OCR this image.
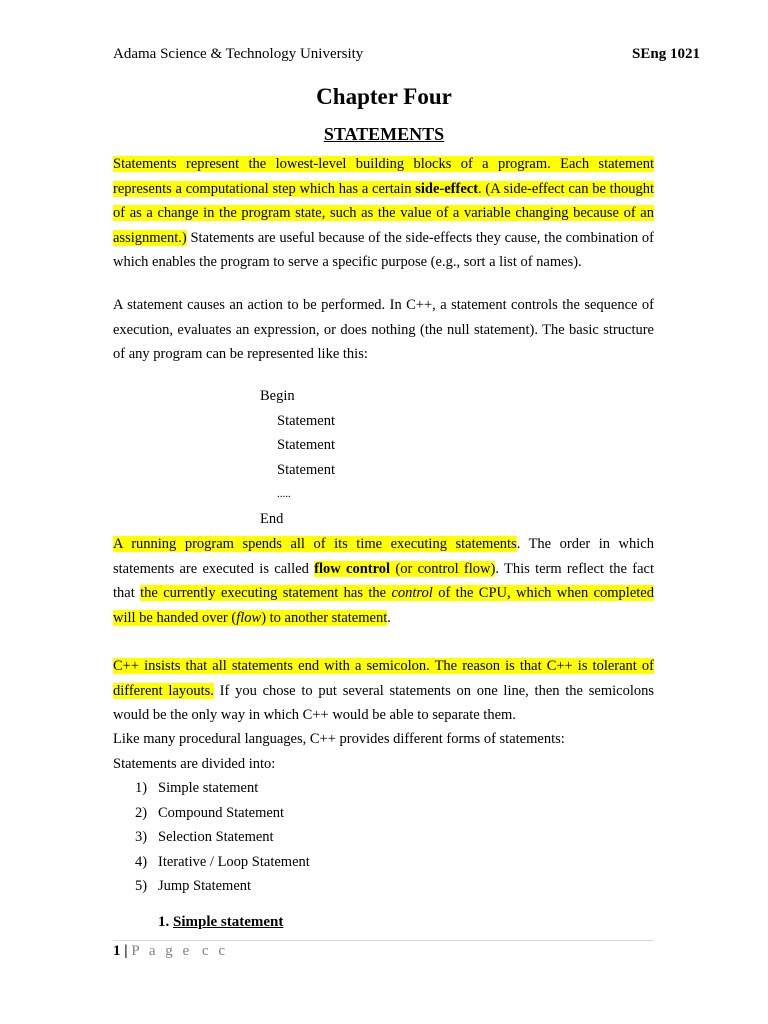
Adama Science & Technology University	SEng 1021
Chapter Four
STATEMENTS
Statements represent the lowest-level building blocks of a program. Each statement represents a computational step which has a certain side-effect. (A side-effect can be thought of as a change in the program state, such as the value of a variable changing because of an assignment.) Statements are useful because of the side-effects they cause, the combination of which enables the program to serve a specific purpose (e.g., sort a list of names).
A statement causes an action to be performed. In C++, a statement controls the sequence of execution, evaluates an expression, or does nothing (the null statement). The basic structure of any program can be represented like this:
Begin
Statement
Statement
Statement
.....
End
A running program spends all of its time executing statements. The order in which statements are executed is called flow control (or control flow). This term reflect the fact that the currently executing statement has the control of the CPU, which when completed will be handed over (flow) to another statement.
C++ insists that all statements end with a semicolon. The reason is that C++ is tolerant of different layouts. If you chose to put several statements on one line, then the semicolons would be the only way in which C++ would be able to separate them.
Like many procedural languages, C++ provides different forms of statements:
Statements are divided into:
1) Simple statement
2) Compound Statement
3) Selection Statement
4) Iterative / Loop Statement
5) Jump Statement
1. Simple statement
1 | P a g e c c
